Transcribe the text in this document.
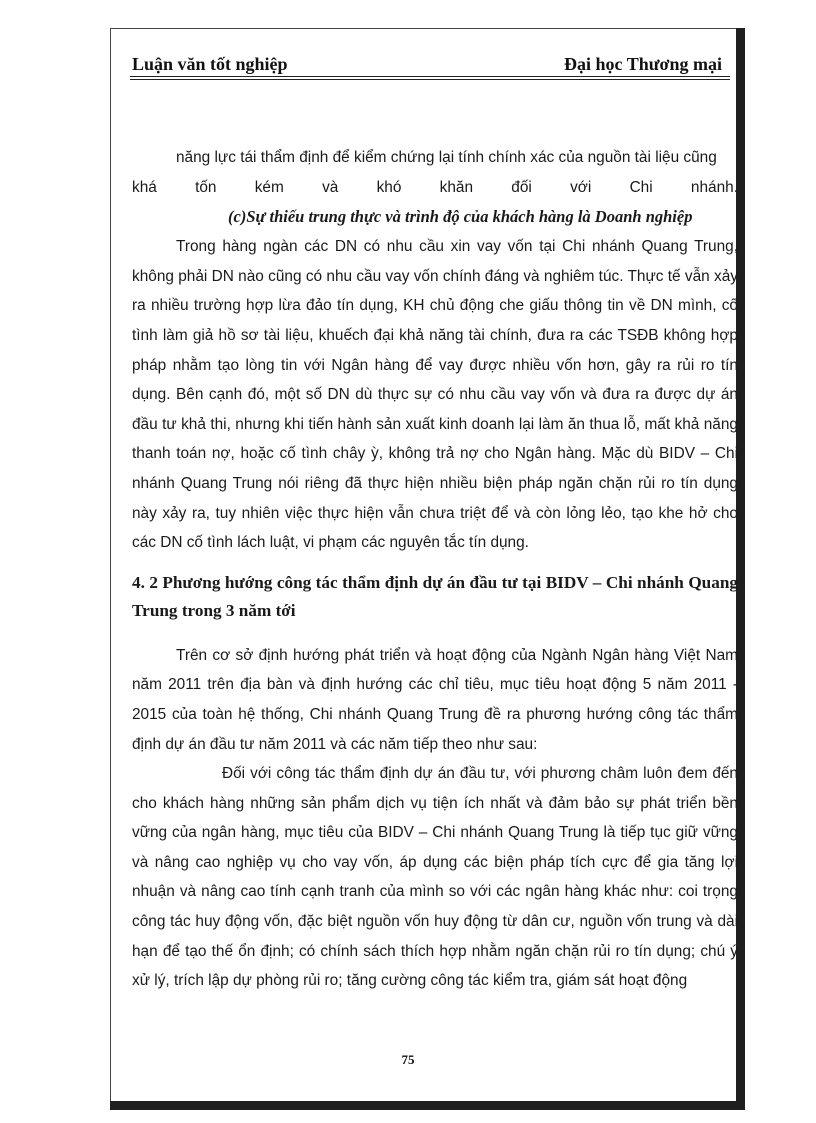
Luận văn tốt nghiệp	Đại học Thương mại

năng lực tái thẩm định để kiểm chứng lại tính chính xác của nguồn tài liệu cũng

khá tốn kém và khó khăn đối với Chi nhánh.

(c)Sự thiếu trung thực và trình độ của khách hàng là Doanh nghiệp

Trong hàng ngàn các DN có nhu cầu xin vay vốn tại Chi nhánh Quang Trung, không phải DN nào cũng có nhu cầu vay vốn chính đáng và nghiêm túc. Thực tế vẫn xảy ra nhiều trường hợp lừa đảo tín dụng, KH chủ động che giấu thông tin về DN mình, cố tình làm giả hồ sơ tài liệu, khuếch đại khả năng tài chính, đưa ra các TSĐB không hợp pháp nhằm tạo lòng tin với Ngân hàng để vay được nhiều vốn hơn, gây ra rủi ro tín dụng. Bên cạnh đó, một số DN dù thực sự có nhu cầu vay vốn và đưa ra được dự án đầu tư khả thi, nhưng khi tiến hành sản xuất kinh doanh lại làm ăn thua lỗ, mất khả năng thanh toán nợ, hoặc cố tình chây ỳ, không trả nợ cho Ngân hàng. Mặc dù BIDV – Chi nhánh Quang Trung nói riêng đã thực hiện nhiều biện pháp ngăn chặn rủi ro tín dụng này xảy ra, tuy nhiên việc thực hiện vẫn chưa triệt để và còn lỏng lẻo, tạo khe hở cho các DN cố tình lách luật, vi phạm các nguyên tắc tín dụng.

4. 2 Phương hướng công tác thẩm định dự án đầu tư tại BIDV – Chi nhánh Quang Trung trong 3 năm tới

Trên cơ sở định hướng phát triển và hoạt động của Ngành Ngân hàng Việt Nam năm 2011 trên địa bàn và định hướng các chỉ tiêu, mục tiêu hoạt động 5 năm 2011 - 2015 của toàn hệ thống, Chi nhánh Quang Trung đề ra phương hướng công tác thẩm định dự án đầu tư năm 2011 và các năm tiếp theo như sau:

Đối với công tác thẩm định dự án đầu tư, với phương châm luôn đem đến cho khách hàng những sản phẩm dịch vụ tiện ích nhất và đảm bảo sự phát triển bền vững của ngân hàng, mục tiêu của BIDV – Chi nhánh Quang Trung là tiếp tục giữ vững và nâng cao nghiệp vụ cho vay vốn, áp dụng các biện pháp tích cực để gia tăng lợi nhuận và nâng cao tính cạnh tranh của mình so với các ngân hàng khác như: coi trọng công tác huy động vốn, đặc biệt nguồn vốn huy động từ dân cư, nguồn vốn trung và dài hạn để tạo thế ổn định; có chính sách thích hợp nhằm ngăn chặn rủi ro tín dụng; chú ý xử lý, trích lập dự phòng rủi ro; tăng cường công tác kiểm tra, giám sát hoạt động

75
